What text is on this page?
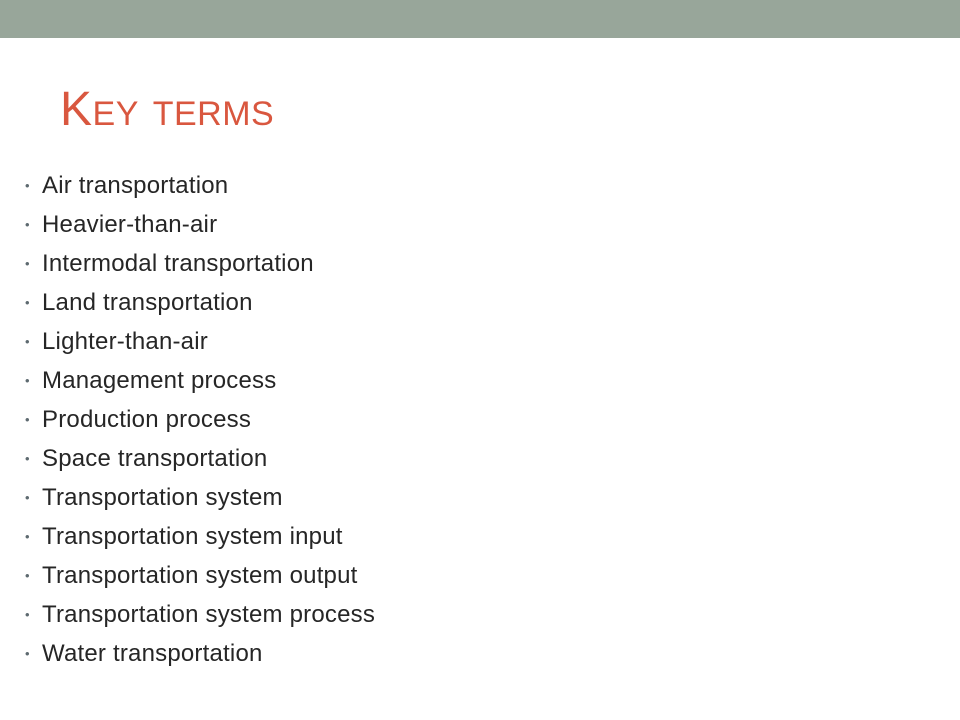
Key terms
• Air transportation
• Heavier-than-air
• Intermodal transportation
• Land transportation
• Lighter-than-air
• Management process
• Production process
• Space transportation
• Transportation system
• Transportation system input
• Transportation system output
• Transportation system process
• Water transportation
